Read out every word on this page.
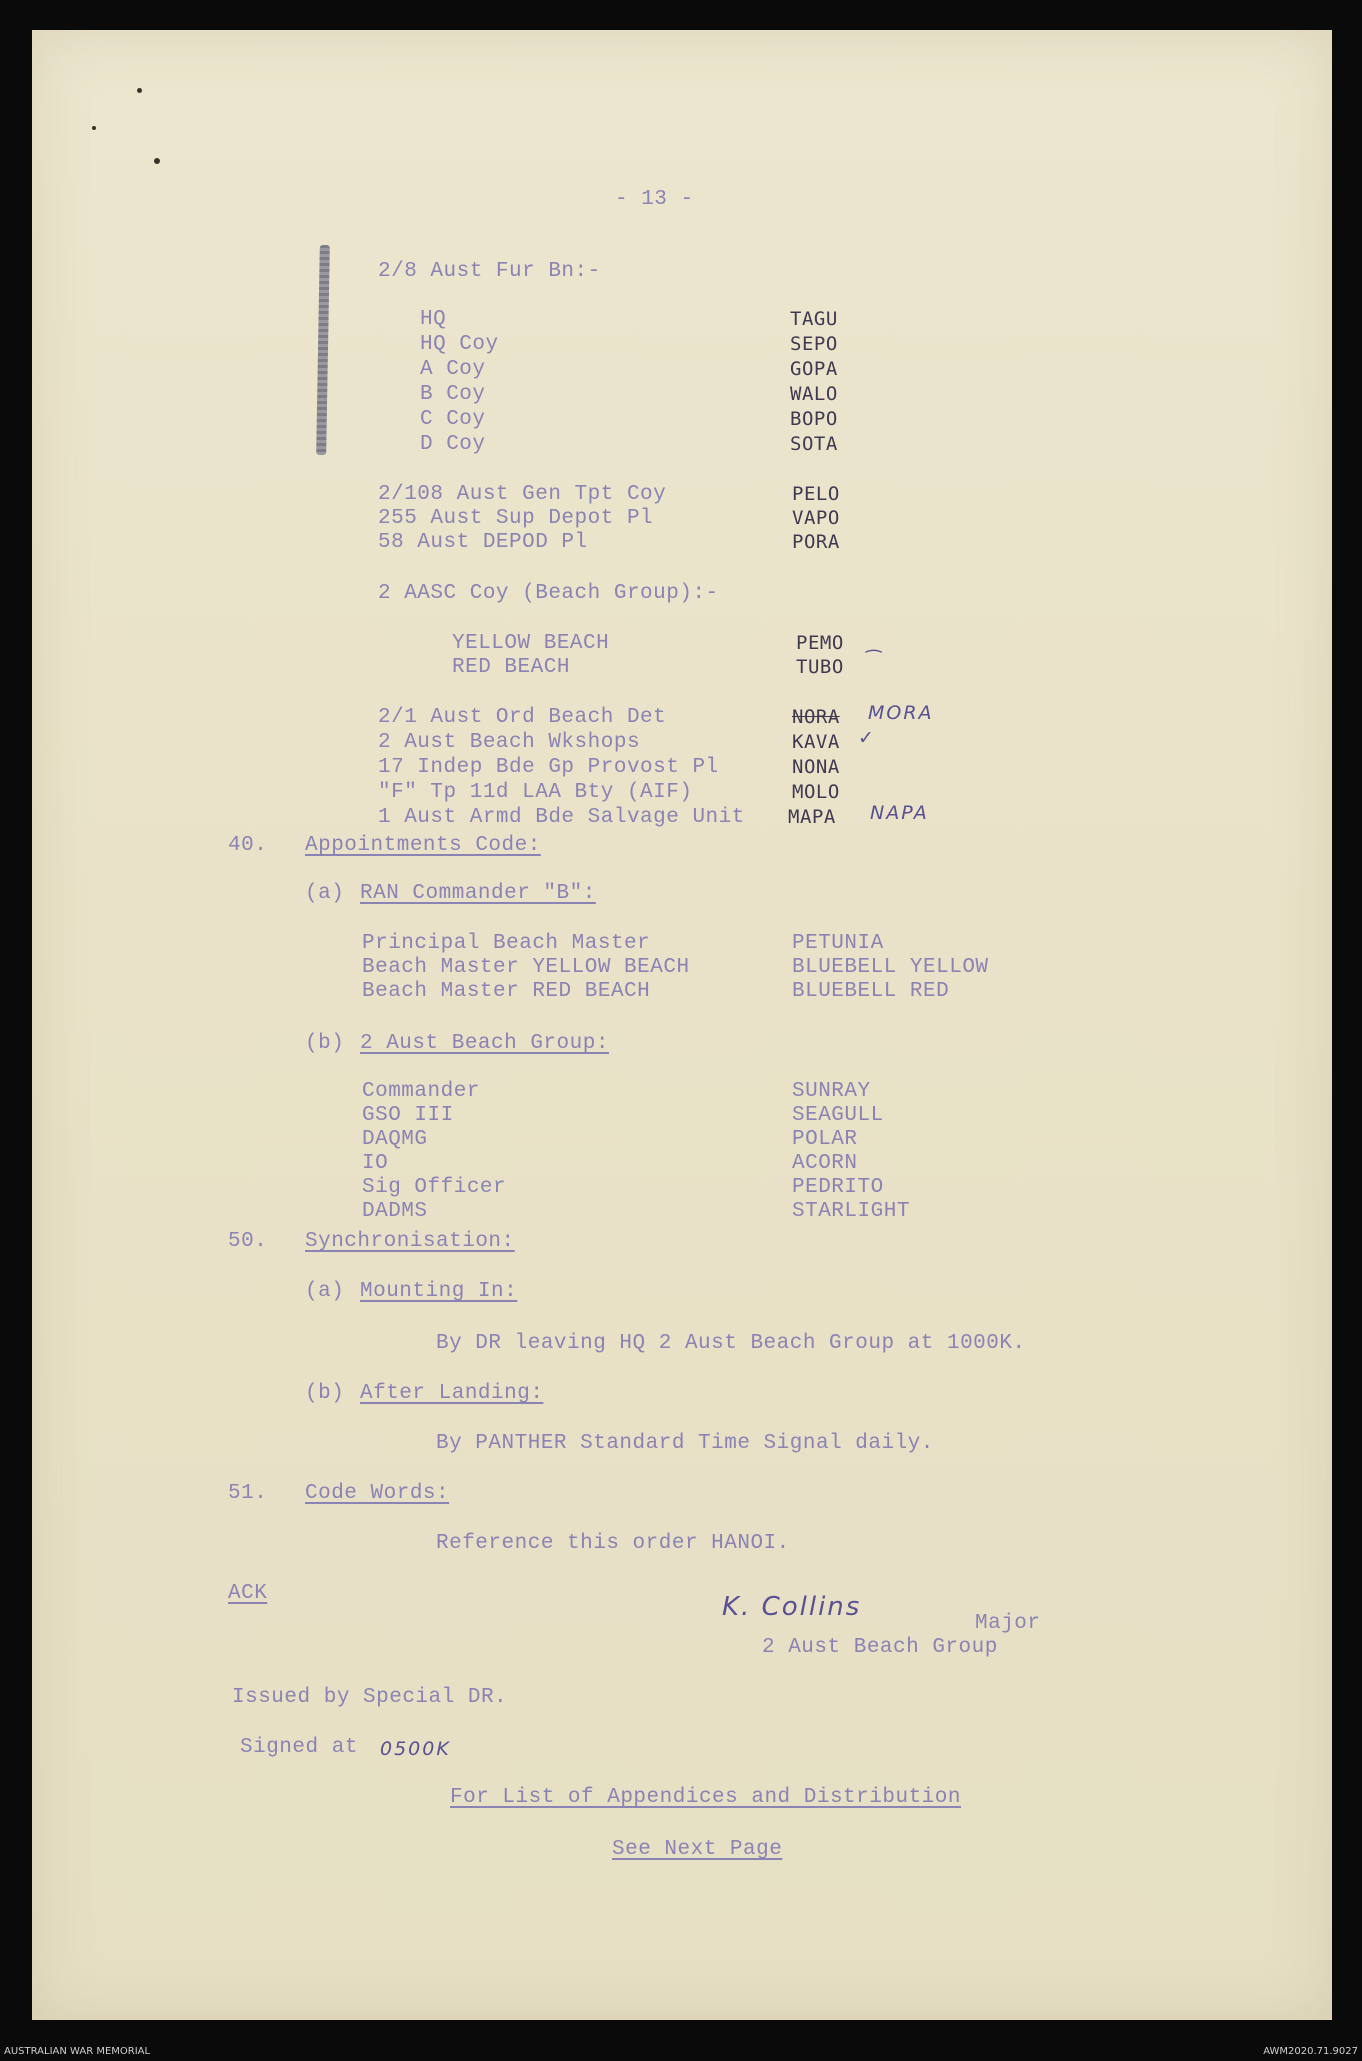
- 13 -
2/8 Aust Fur Bn:-
HQ	TAGU
HQ Coy	SEPO
A Coy	GOPA
B Coy	WALO
C Coy	BOPO
D Coy	SOTA
2/108 Aust Gen Tpt Coy	PELO
255 Aust Sup Depot Pl	VAPO
58 Aust DEPOD Pl	PORA
2 AASC Coy (Beach Group):-
YELLOW BEACH	PEMO
RED BEACH	TUBO ⁀
2/1 Aust Ord Beach Det	NORA MORA
2 Aust Beach Wkshops	KAVA ✓
17 Indep Bde Gp Provost Pl	NONA
"F" Tp 11d LAA Bty (AIF)	MOLO
1 Aust Armd Bde Salvage Unit MAPA NAPA
40. Appointments Code:
(a) RAN Commander "B":
Principal Beach Master	PETUNIA
Beach Master YELLOW BEACH	BLUEBELL YELLOW
Beach Master RED BEACH	BLUEBELL RED
(b) 2 Aust Beach Group:
Commander	SUNRAY
GSO III	SEAGULL
DAQMG	POLAR
IO	ACORN
Sig Officer	PEDRITO
DADMS	STARLIGHT
50. Synchronisation:
(a) Mounting In:
By DR leaving HQ 2 Aust Beach Group at 1000K.
(b) After Landing:
By PANTHER Standard Time Signal daily.
51. Code Words:
Reference this order HANOI.
ACK	K. Collins
Major
2 Aust Beach Group
Issued by Special DR.
Signed at 0500K
For List of Appendices and Distribution
See Next Page
AUSTRALIAN WAR MEMORIAL	AWM2020.71.9027
